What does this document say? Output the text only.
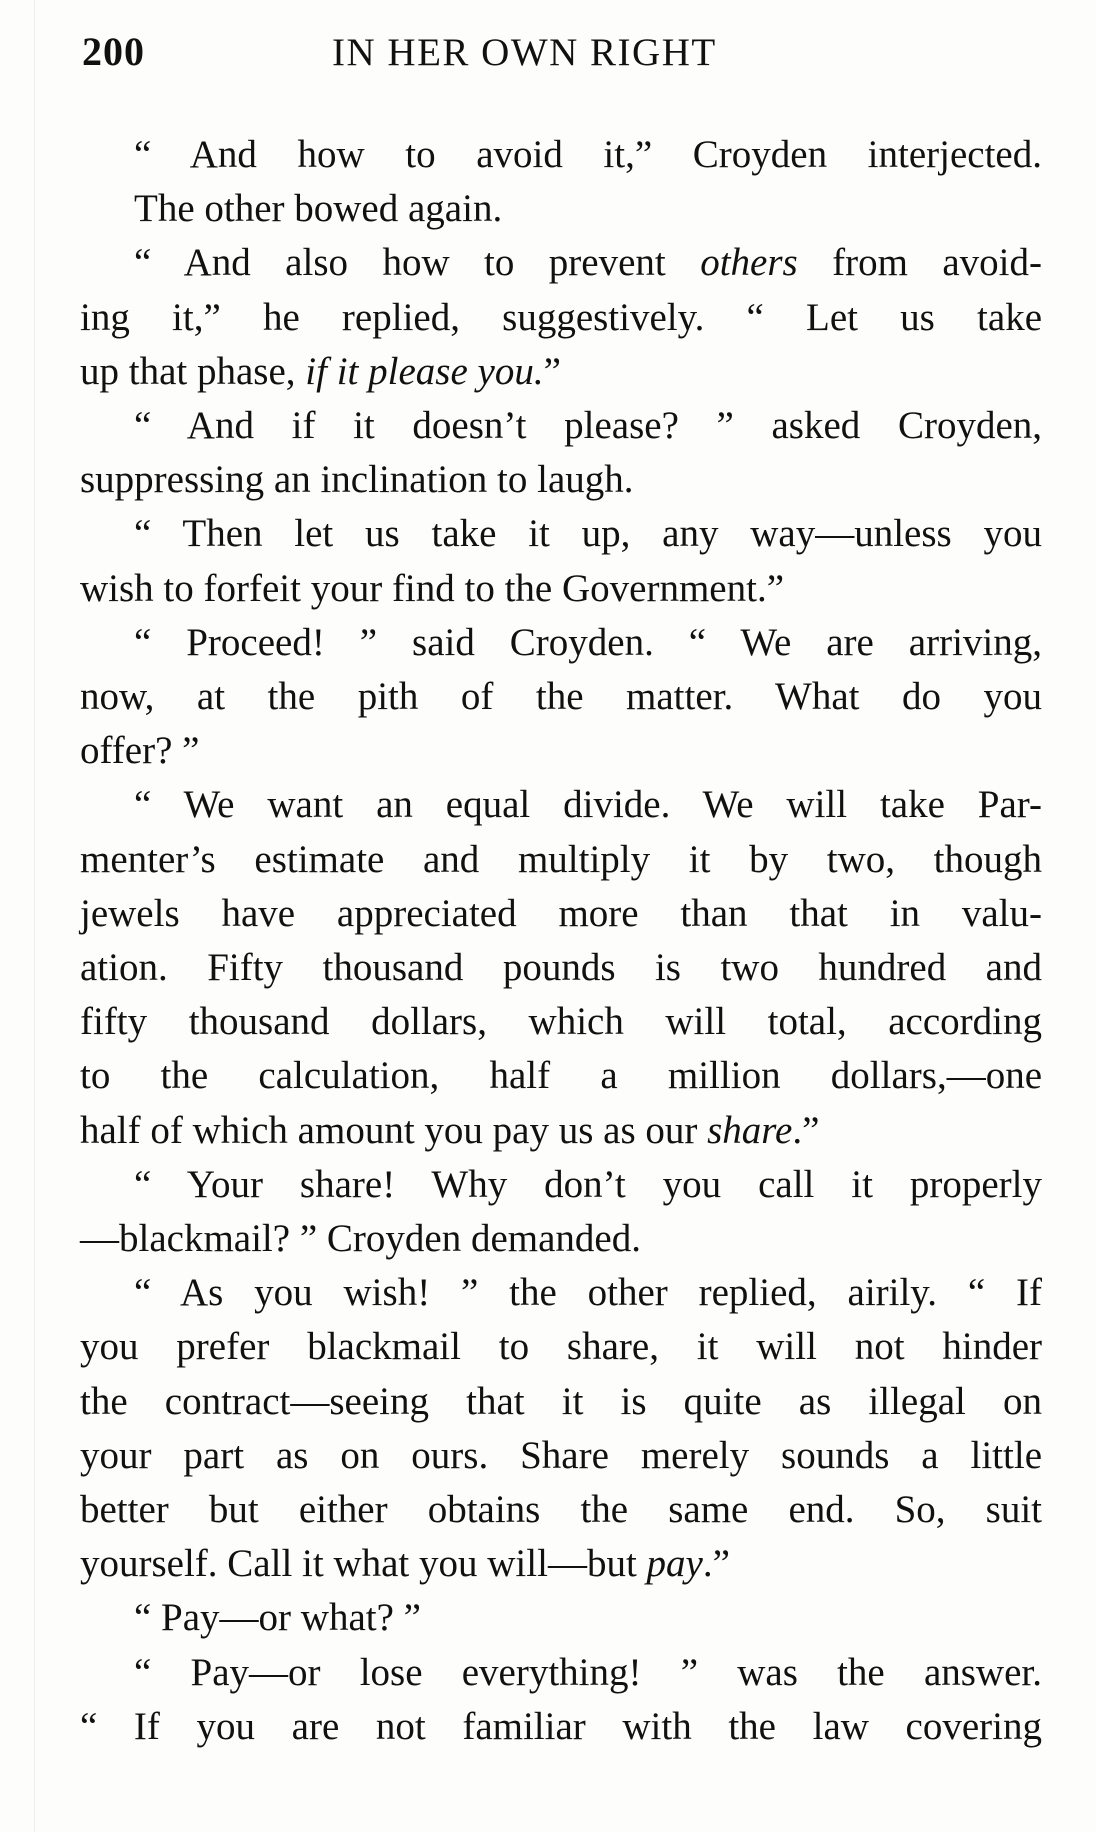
200	IN HER OWN RIGHT
“ And how to avoid it,” Croyden interjected.
The other bowed again.
“ And also how to prevent others from avoid-
ing it,” he replied, suggestively. “ Let us take
up that phase, if it please you.”
“ And if it doesn’t please? ” asked Croyden,
suppressing an inclination to laugh.
“ Then let us take it up, any way—unless you
wish to forfeit your find to the Government.”
“ Proceed! ” said Croyden. “ We are arriving,
now, at the pith of the matter. What do you
offer? ”
“ We want an equal divide. We will take Par-
menter’s estimate and multiply it by two, though
jewels have appreciated more than that in valu-
ation. Fifty thousand pounds is two hundred and
fifty thousand dollars, which will total, according
to the calculation, half a million dollars,—one
half of which amount you pay us as our share.”
“ Your share! Why don’t you call it properly
—blackmail? ” Croyden demanded.
“ As you wish! ” the other replied, airily. “ If
you prefer blackmail to share, it will not hinder
the contract—seeing that it is quite as illegal on
your part as on ours. Share merely sounds a little
better but either obtains the same end. So, suit
yourself. Call it what you will—but pay.”
“ Pay—or what? ”
“ Pay—or lose everything! ” was the answer.
“ If you are not familiar with the law covering
